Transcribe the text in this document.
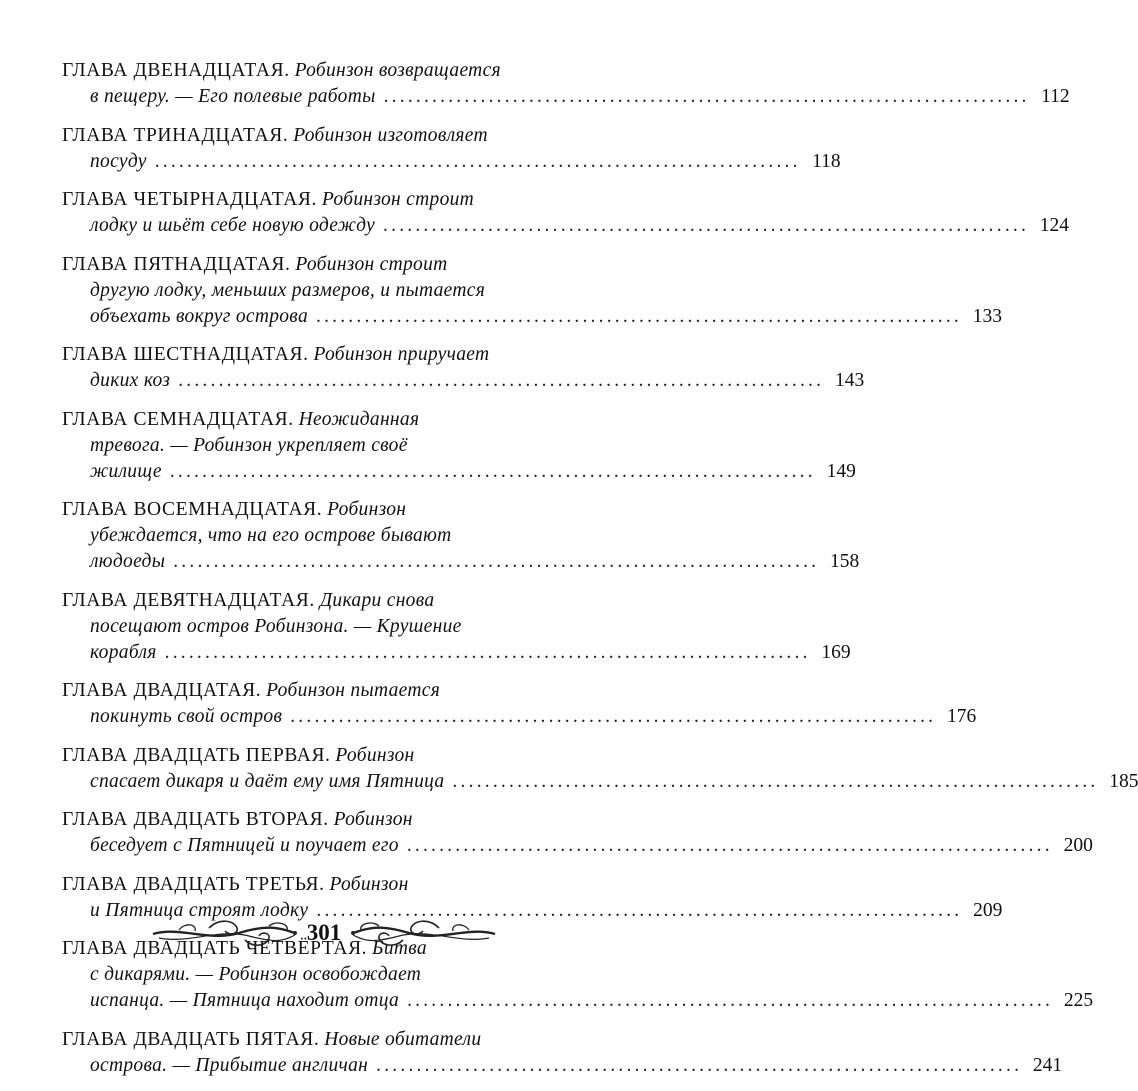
ГЛАВА ДВЕНАДЦАТАЯ. Робинзон возвращается
в пещеру. — Его полевые работы ................................................................................ 112
ГЛАВА ТРИНАДЦАТАЯ. Робинзон изготовляет
посуду ................................................................................ 118
ГЛАВА ЧЕТЫРНАДЦАТАЯ. Робинзон строит
лодку и шьёт себе новую одежду ................................................................................ 124
ГЛАВА ПЯТНАДЦАТАЯ. Робинзон строит
другую лодку, меньших размеров, и пытается
объехать вокруг острова ................................................................................ 133
ГЛАВА ШЕСТНАДЦАТАЯ. Робинзон приручает
диких коз ................................................................................ 143
ГЛАВА СЕМНАДЦАТАЯ. Неожиданная
тревога. — Робинзон укрепляет своё
жилище ................................................................................ 149
ГЛАВА ВОСЕМНАДЦАТАЯ. Робинзон
убеждается, что на его острове бывают
людоеды ................................................................................ 158
ГЛАВА ДЕВЯТНАДЦАТАЯ. Дикари снова
посещают остров Робинзона. — Крушение
корабля ................................................................................ 169
ГЛАВА ДВАДЦАТАЯ. Робинзон пытается
покинуть свой остров ................................................................................ 176
ГЛАВА ДВАДЦАТЬ ПЕРВАЯ. Робинзон
спасает дикаря и даёт ему имя Пятница ................................................................................ 185
ГЛАВА ДВАДЦАТЬ ВТОРАЯ. Робинзон
беседует с Пятницей и поучает его ................................................................................ 200
ГЛАВА ДВАДЦАТЬ ТРЕТЬЯ. Робинзон
и Пятница строят лодку ................................................................................ 209
ГЛАВА ДВАДЦАТЬ ЧЕТВЁРТАЯ. Битва
с дикарями. — Робинзон освобождает
испанца. — Пятница находит отца ................................................................................ 225
ГЛАВА ДВАДЦАТЬ ПЯТАЯ. Новые обитатели
острова. — Прибытие англичан ................................................................................ 241
301
